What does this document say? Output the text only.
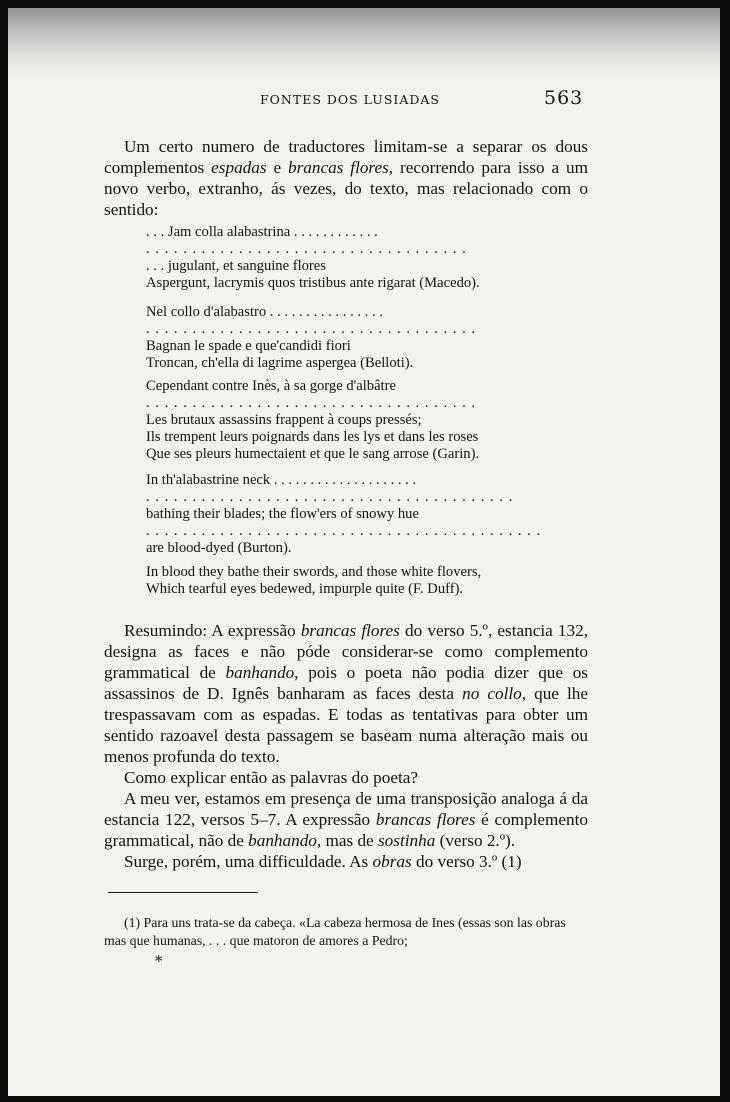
FONTES DOS LUSIADAS	563

Um certo numero de traductores limitam-se a separar os dous complementos espadas e brancas flores, recorrendo para isso a um novo verbo, extranho, ás vezes, do texto, mas relacionado com o sentido:

. . . Jam colla alabastrina . . . . . . . . . . . .
. . . . . . . . . . . . . . . . . . . . . . . . . . . . . . . . . . .
. . . jugulant, et sanguine flores
Aspergunt, lacrymis quos tristibus ante rigarat (Macedo).
Nel collo d'alabastro . . . . . . . . . . . . . . . .
. . . . . . . . . . . . . . . . . . . . . . . . . . . . . . . . . . . .
Bagnan le spade e que'candidi fiori
Troncan, ch'ella di lagrime aspergea (Belloti).
Cependant contre Inès, à sa gorge d'albâtre
. . . . . . . . . . . . . . . . . . . . . . . . . . . . . . . . . . . .
Les brutaux assassins frappent à coups pressés;
Ils trempent leurs poignards dans les lys et dans les roses
Que ses pleurs humectaient et que le sang arrose (Garin).
In th'alabastrine neck . . . . . . . . . . . . . . . . . . . .
. . . . . . . . . . . . . . . . . . . . . . . . . . . . . . . . . . . . . . . .
bathing their blades; the flow'ers of snowy hue
. . . . . . . . . . . . . . . . . . . . . . . . . . . . . . . . . . . . . . . . . . .
are blood-dyed (Burton).
In blood they bathe their swords, and those white flovers,
Which tearful eyes bedewed, impurple quite (F. Duff).

Resumindo: A expressão brancas flores do verso 5.º, estancia 132, designa as faces e não póde considerar-se como complemento grammatical de banhando, pois o poeta não podia dizer que os assassinos de D. Ignês banharam as faces desta no collo, que lhe trespassavam com as espadas. E todas as tentativas para obter um sentido razoavel desta passagem se baseam numa alteração mais ou menos profunda do texto.

Como explicar então as palavras do poeta?

A meu ver, estamos em presença de uma transposição analoga á da estancia 122, versos 5–7. A expressão brancas flores é complemento grammatical, não de banhando, mas de sostinha (verso 2.º).

Surge, porém, uma difficuldade. As obras do verso 3.º (1)

(1) Para uns trata-se da cabeça. «La cabeza hermosa de Ines (essas son las obras mas que humanas, . . . que matoron de amores a Pedro;

*
